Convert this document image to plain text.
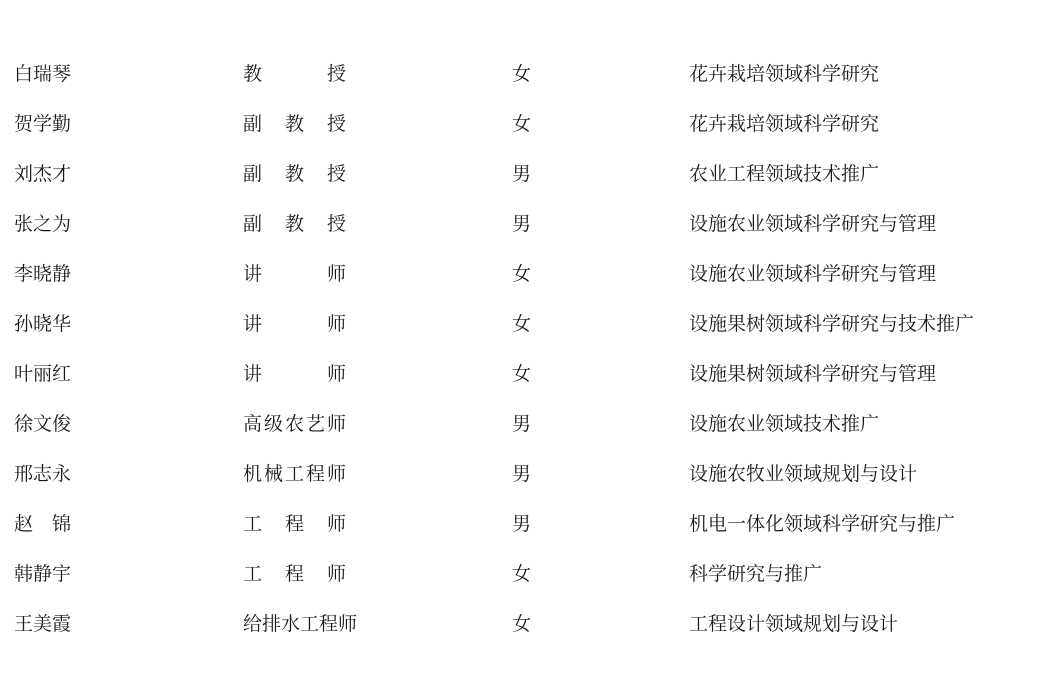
白瑞琴	教授	女	花卉栽培领域科学研究
贺学勤	副教授	女	花卉栽培领域科学研究
刘杰才	副教授	男	农业工程领域技术推广
张之为	副教授	男	设施农业领域科学研究与管理
李晓静	讲师	女	设施农业领域科学研究与管理
孙晓华	讲师	女	设施果树领域科学研究与技术推广
叶丽红	讲师	女	设施果树领域科学研究与管理
徐文俊	高级农艺师	男	设施农业领域技术推广
邢志永	机械工程师	男	设施农牧业领域规划与设计
赵　锦	工程师	男	机电一体化领域科学研究与推广
韩静宇	工程师	女	科学研究与推广
王美霞	给排水工程师	女	工程设计领域规划与设计
